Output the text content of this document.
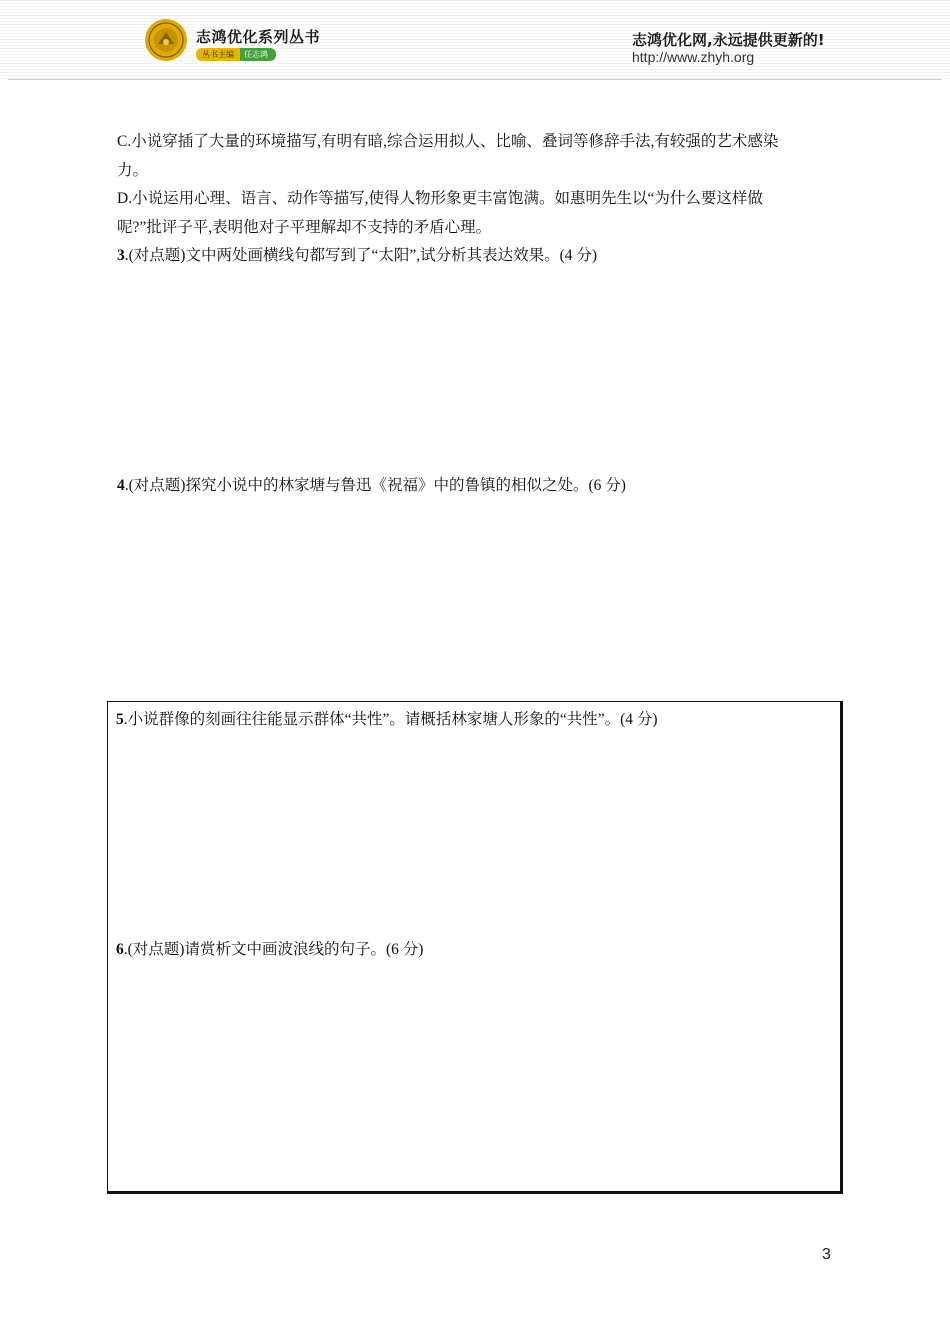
志鸿优化系列丛书
丛书主编	任志鸿
志鸿优化网,永远提供更新的!
http://www.zhyh.org

C.小说穿插了大量的环境描写,有明有暗,综合运用拟人、比喻、叠词等修辞手法,有较强的艺术感染

力。

D.小说运用心理、语言、动作等描写,使得人物形象更丰富饱满。如惠明先生以“为什么要这样做

呢?”批评子平,表明他对子平理解却不支持的矛盾心理。

3.(对点题)文中两处画横线句都写到了“太阳”,试分析其表达效果。(4 分)

4.(对点题)探究小说中的林家塘与鲁迅《祝福》中的鲁镇的相似之处。(6 分)

5.小说群像的刻画往往能显示群体“共性”。请概括林家塘人形象的“共性”。(4 分)

6.(对点题)请赏析文中画波浪线的句子。(6 分)

3
